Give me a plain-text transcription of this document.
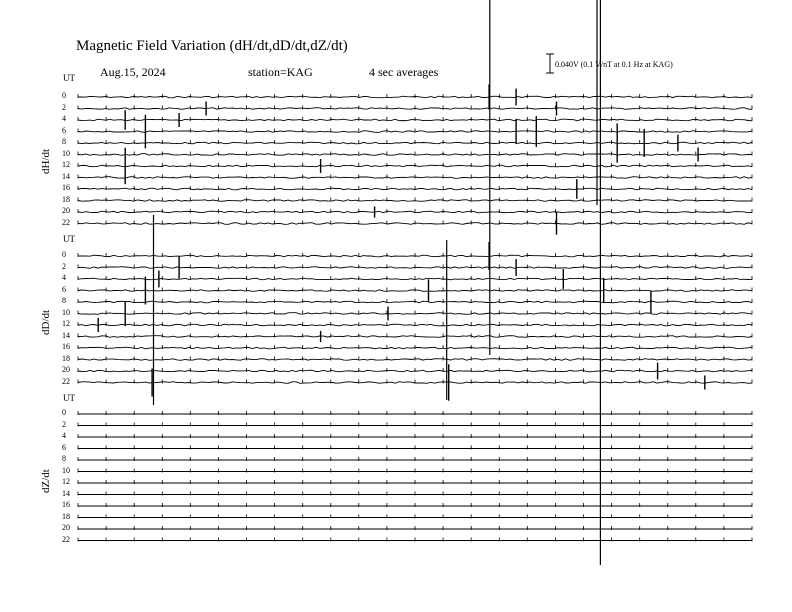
Magnetic Field Variation (dH/dt,dD/dt,dZ/dt)
Aug.15, 2024	station=KAG	4 sec averages
0.040V (0.1 V/nT at 0.1 Hz at KAG)
UT
UT
UT
dH/dt
dD/dt
dZ/dt
0
2
4
6
8
10
12
14
16
18
20
22
0
2
4
6
8
10
12
14
16
18
20
22
0
2
4
6
8
10
12
14
16
18
20
22
